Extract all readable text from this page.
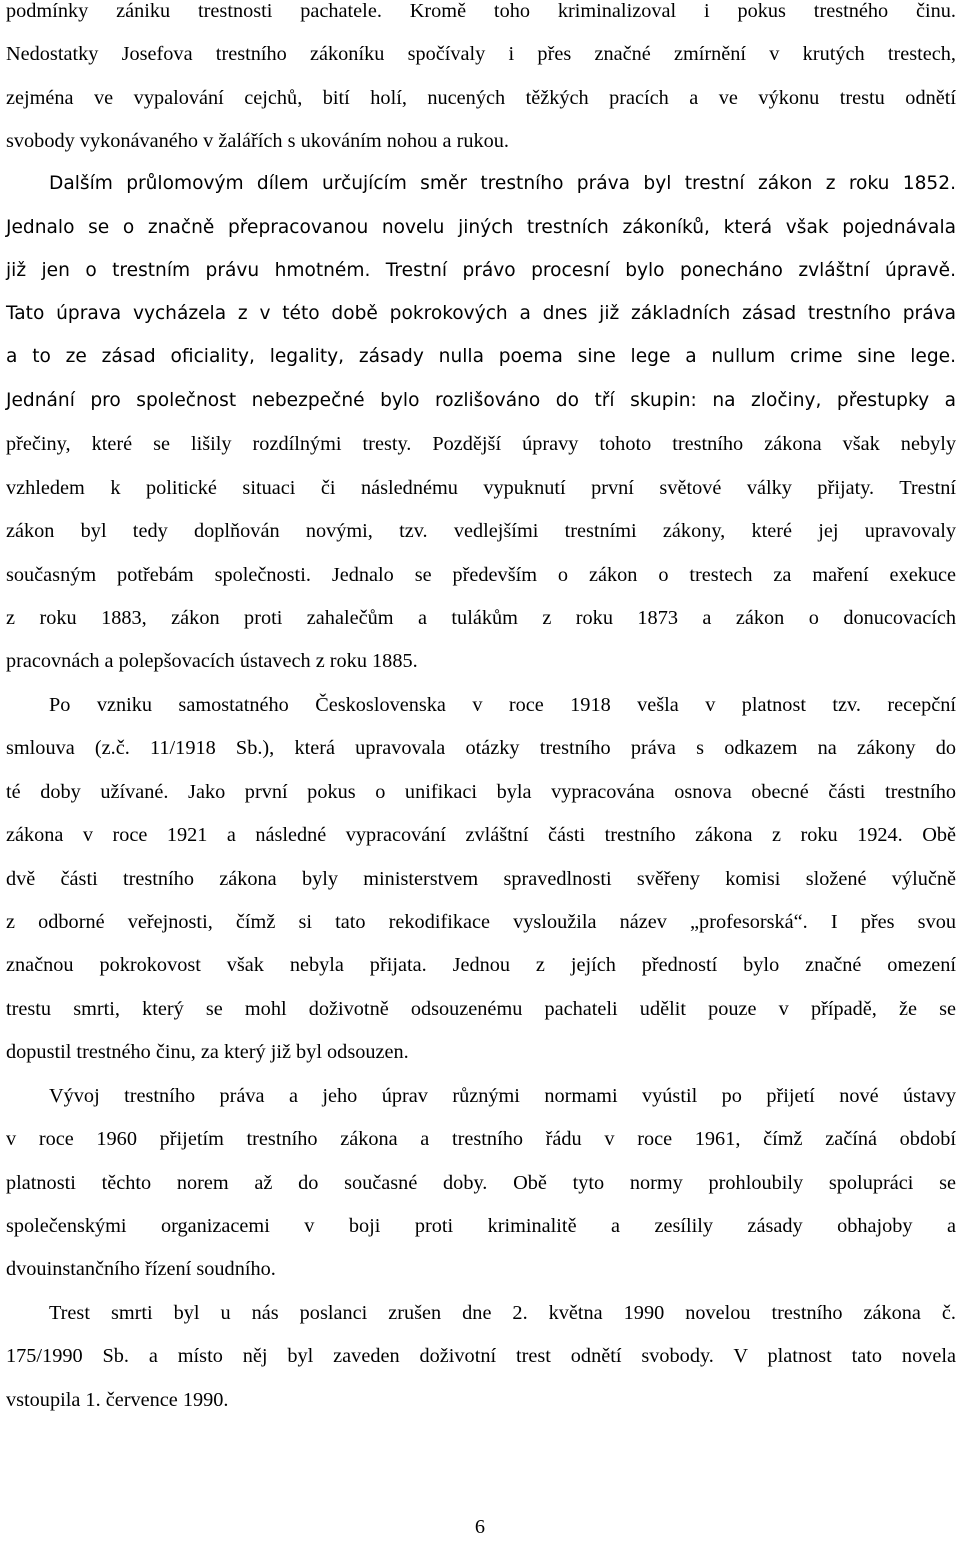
podmínky zániku trestnosti pachatele. Kromě toho kriminalizoval i pokus trestného činu.
Nedostatky Josefova trestního zákoníku spočívaly i přes značné zmírnění v krutých trestech,
zejména ve vypalování cejchů, bití holí, nucených těžkých pracích a ve výkonu trestu odnětí
svobody vykonávaného v žalářích s ukováním nohou a rukou.
Dalším průlomovým dílem určujícím směr trestního práva byl trestní zákon z roku 1852.
Jednalo se o značně přepracovanou novelu jiných trestních zákoníků, která však pojednávala
již jen o trestním právu hmotném. Trestní právo procesní bylo ponecháno zvláštní úpravě.
Tato úprava vycházela z v této době pokrokových a dnes již základních zásad trestního práva
a to ze zásad oficiality, legality, zásady nulla poema sine lege a nullum crime sine lege.
Jednání pro společnost nebezpečné bylo rozlišováno do tří skupin: na zločiny, přestupky a
přečiny, které se lišily rozdílnými tresty. Pozdější úpravy tohoto trestního zákona však nebyly
vzhledem k politické situaci či následnému vypuknutí první světové války přijaty. Trestní
zákon byl tedy doplňován novými, tzv. vedlejšími trestními zákony, které jej upravovaly
současným potřebám společnosti. Jednalo se především o zákon o trestech za maření exekuce
z roku 1883, zákon proti zahalečům a tulákům z roku 1873 a zákon o donucovacích
pracovnách a polepšovacích ústavech z roku 1885.
Po vzniku samostatného Československa v roce 1918 vešla v platnost tzv. recepční
smlouva (z.č. 11/1918 Sb.), která upravovala otázky trestního práva s odkazem na zákony do
té doby užívané. Jako první pokus o unifikaci byla vypracována osnova obecné části trestního
zákona v roce 1921 a následné vypracování zvláštní části trestního zákona z roku 1924. Obě
dvě části trestního zákona byly ministerstvem spravedlnosti svěřeny komisi složené výlučně
z odborné veřejnosti, čímž si tato rekodifikace vysloužila název „profesorská“. I přes svou
značnou pokrokovost však nebyla přijata. Jednou z jejích předností bylo značné omezení
trestu smrti, který se mohl doživotně odsouzenému pachateli udělit pouze v případě, že se
dopustil trestného činu, za který již byl odsouzen.
Vývoj trestního práva a jeho úprav různými normami vyústil po přijetí nové ústavy
v roce 1960 přijetím trestního zákona a trestního řádu v roce 1961, čímž začíná období
platnosti těchto norem až do současné doby. Obě tyto normy prohloubily spolupráci se
společenskými organizacemi v boji proti kriminalitě a zesílily zásady obhajoby a
dvouinstančního řízení soudního.
Trest smrti byl u nás poslanci zrušen dne 2. května 1990 novelou trestního zákona č.
175/1990 Sb. a místo něj byl zaveden doživotní trest odnětí svobody. V platnost tato novela
vstoupila 1. července 1990.
6
